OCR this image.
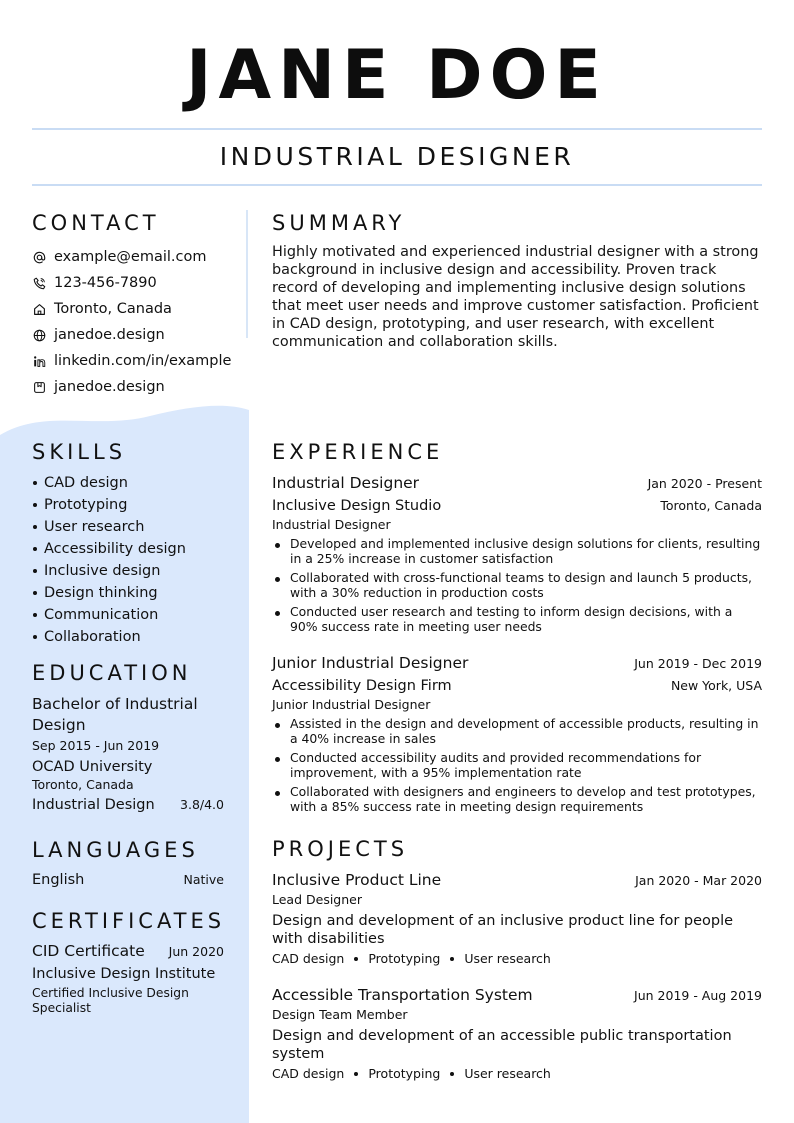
JANE DOE
INDUSTRIAL DESIGNER
CONTACT
example@email.com
123-456-7890
Toronto, Canada
janedoe.design
linkedin.com/in/example
janedoe.design
SUMMARY
Highly motivated and experienced industrial designer with a strong background in inclusive design and accessibility. Proven track record of developing and implementing inclusive design solutions that meet user needs and improve customer satisfaction. Proficient in CAD design, prototyping, and user research, with excellent communication and collaboration skills.
SKILLS
CAD design
Prototyping
User research
Accessibility design
Inclusive design
Design thinking
Communication
Collaboration
EDUCATION
Bachelor of Industrial Design
Sep 2015 - Jun 2019
OCAD University
Toronto, Canada
Industrial Design 3.8/4.0
LANGUAGES
English	Native
CERTIFICATES
CID Certificate Jun 2020
Inclusive Design Institute
Certified Inclusive Design Specialist
EXPERIENCE
Industrial Designer	Jan 2020 - Present
Inclusive Design Studio	Toronto, Canada
Industrial Designer
Developed and implemented inclusive design solutions for clients, resulting in a 25% increase in customer satisfaction
Collaborated with cross-functional teams to design and launch 5 products, with a 30% reduction in production costs
Conducted user research and testing to inform design decisions, with a 90% success rate in meeting user needs
Junior Industrial Designer	Jun 2019 - Dec 2019
Accessibility Design Firm	New York, USA
Junior Industrial Designer
Assisted in the design and development of accessible products, resulting in a 40% increase in sales
Conducted accessibility audits and provided recommendations for improvement, with a 95% implementation rate
Collaborated with designers and engineers to develop and test prototypes, with a 85% success rate in meeting design requirements
PROJECTS
Inclusive Product Line	Jan 2020 - Mar 2020
Lead Designer
Design and development of an inclusive product line for people with disabilities
CAD design Prototyping User research
Accessible Transportation System	Jun 2019 - Aug 2019
Design Team Member
Design and development of an accessible public transportation system
CAD design Prototyping User research
